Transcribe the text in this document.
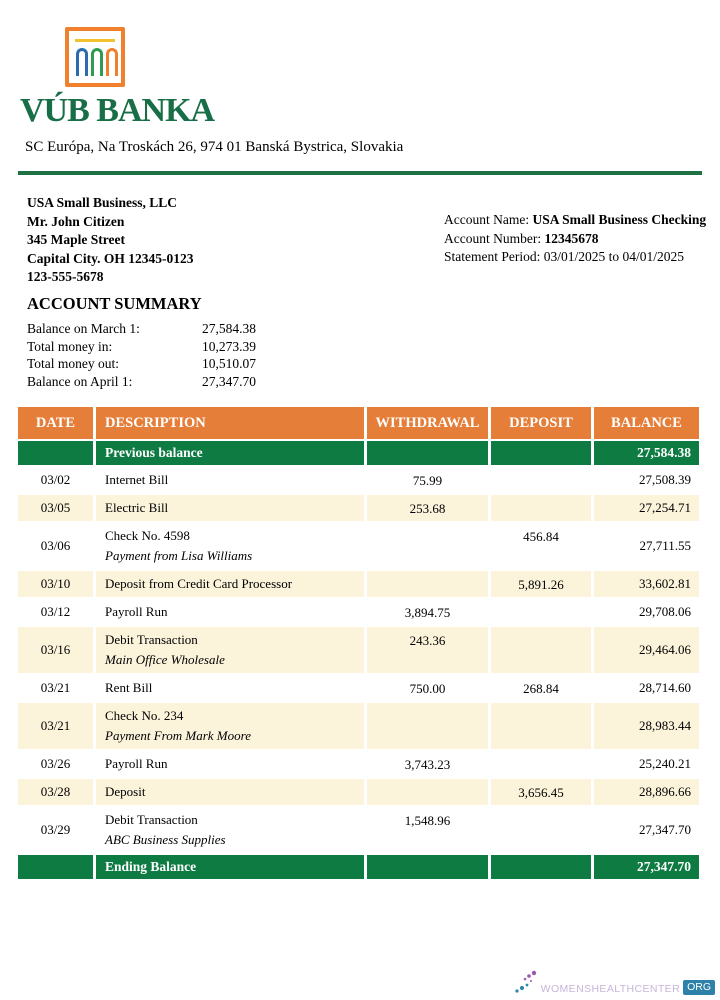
VÚB BANKA
SC Európa, Na Troskách 26, 974 01 Banská Bystrica, Slovakia
USA Small Business, LLC
Mr. John Citizen
345 Maple Street
Capital City. OH 12345-0123
123-555-5678
Account Name: USA Small Business Checking
Account Number: 12345678
Statement Period: 03/01/2025 to 04/01/2025
ACCOUNT SUMMARY
Balance on March 1:	27,584.38
Total money in:	10,273.39
Total money out:	10,510.07
Balance on April 1:	27,347.70
DATE	DESCRIPTION	WITHDRAWAL	DEPOSIT	BALANCE
	Previous balance			27,584.38
03/02	Internet Bill	75.99		27,508.39
03/05	Electric Bill	253.68		27,254.71
03/06	Check No. 4598
Payment from Lisa Williams		456.84	27,711.55
03/10	Deposit from Credit Card Processor		5,891.26	33,602.81
03/12	Payroll Run	3,894.75		29,708.06
03/16	Debit Transaction
Main Office Wholesale	243.36		29,464.06
03/21	Rent Bill	750.00	268.84	28,714.60
03/21	Check No. 234
Payment From Mark Moore			28,983.44
03/26	Payroll Run	3,743.23		25,240.21
03/28	Deposit		3,656.45	28,896.66
03/29	Debit Transaction
ABC Business Supplies	1,548.96		27,347.70
	Ending Balance			27,347.70
WOMENSHEALTHCENTER ORG
